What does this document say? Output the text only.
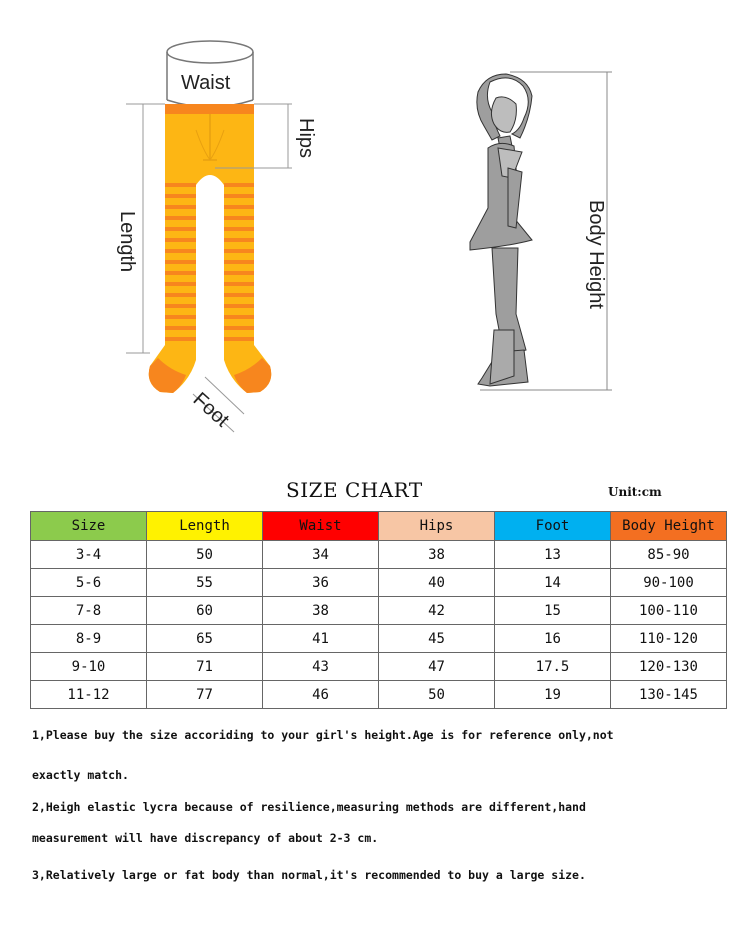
Waist
Hips
Length
Foot
Body Height
SIZE CHART	Unit:cm
Size	Length	Waist	Hips	Foot	Body Height
3-4	50	34	38	13	85-90
5-6	55	36	40	14	90-100
7-8	60	38	42	15	100-110
8-9	65	41	45	16	110-120
9-10	71	43	47	17.5	120-130
11-12	77	46	50	19	130-145

1,Please buy the size accoriding to your girl's height.Age is for reference only,not

exactly match.

2,Heigh elastic lycra because of resilience,measuring methods are different,hand

measurement will have discrepancy of about 2-3 cm.

3,Relatively large or fat body than normal,it's recommended to buy a large size.
